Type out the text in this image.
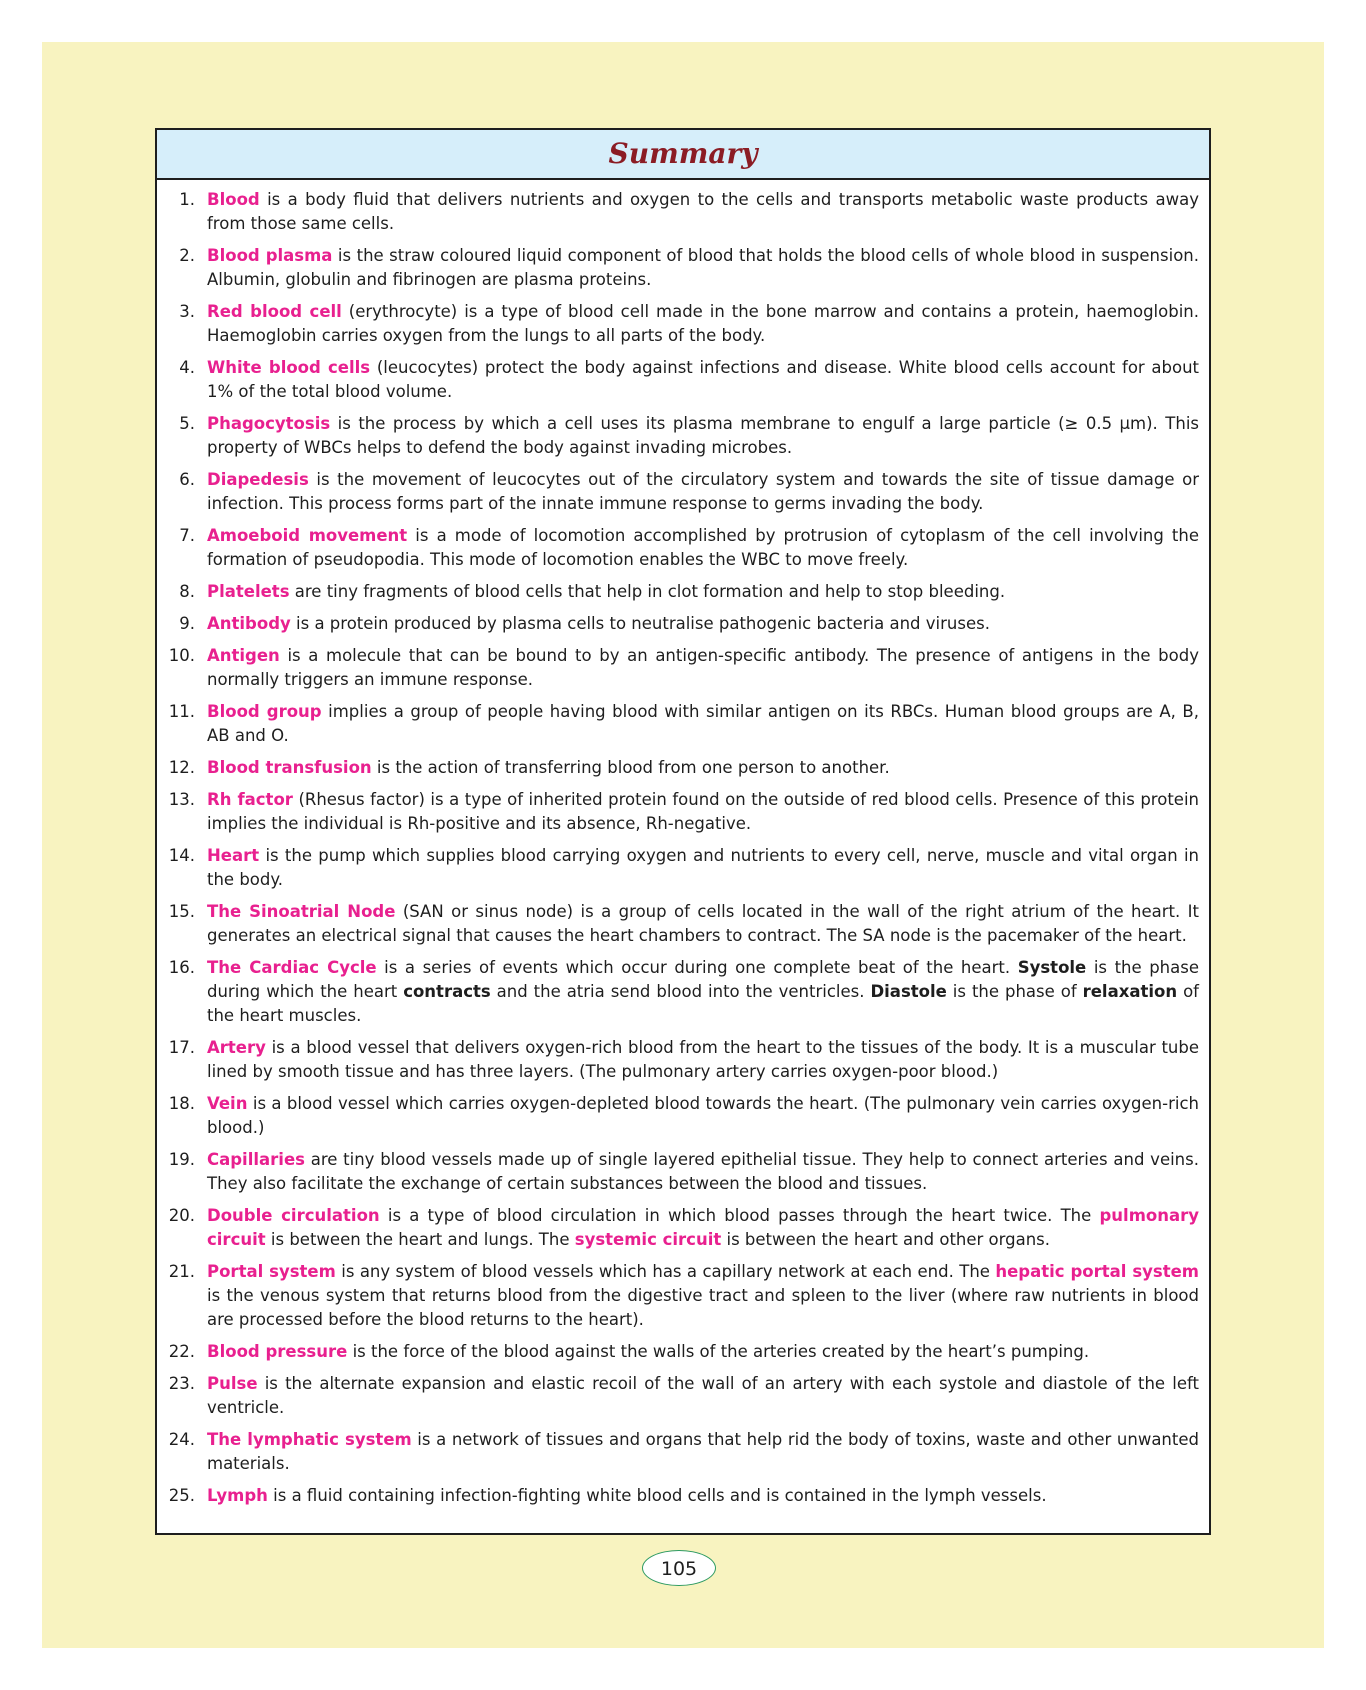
Summary
1. Blood is a body fluid that delivers nutrients and oxygen to the cells and transports metabolic waste products away from those same cells.
2. Blood plasma is the straw coloured liquid component of blood that holds the blood cells of whole blood in suspension. Albumin, globulin and fibrinogen are plasma proteins.
3. Red blood cell (erythrocyte) is a type of blood cell made in the bone marrow and contains a protein, haemoglobin. Haemoglobin carries oxygen from the lungs to all parts of the body.
4. White blood cells (leucocytes) protect the body against infections and disease. White blood cells account for about 1% of the total blood volume.
5. Phagocytosis is the process by which a cell uses its plasma membrane to engulf a large particle (≥ 0.5 μm). This property of WBCs helps to defend the body against invading microbes.
6. Diapedesis is the movement of leucocytes out of the circulatory system and towards the site of tissue damage or infection. This process forms part of the innate immune response to germs invading the body.
7. Amoeboid movement is a mode of locomotion accomplished by protrusion of cytoplasm of the cell involving the formation of pseudopodia. This mode of locomotion enables the WBC to move freely.
8. Platelets are tiny fragments of blood cells that help in clot formation and help to stop bleeding.
9. Antibody is a protein produced by plasma cells to neutralise pathogenic bacteria and viruses.
10. Antigen is a molecule that can be bound to by an antigen-specific antibody. The presence of antigens in the body normally triggers an immune response.
11. Blood group implies a group of people having blood with similar antigen on its RBCs. Human blood groups are A, B, AB and O.
12. Blood transfusion is the action of transferring blood from one person to another.
13. Rh factor (Rhesus factor) is a type of inherited protein found on the outside of red blood cells. Presence of this protein implies the individual is Rh-positive and its absence, Rh-negative.
14. Heart is the pump which supplies blood carrying oxygen and nutrients to every cell, nerve, muscle and vital organ in the body.
15. The Sinoatrial Node (SAN or sinus node) is a group of cells located in the wall of the right atrium of the heart. It generates an electrical signal that causes the heart chambers to contract. The SA node is the pacemaker of the heart.
16. The Cardiac Cycle is a series of events which occur during one complete beat of the heart. Systole is the phase during which the heart contracts and the atria send blood into the ventricles. Diastole is the phase of relaxation of the heart muscles.
17. Artery is a blood vessel that delivers oxygen-rich blood from the heart to the tissues of the body. It is a muscular tube lined by smooth tissue and has three layers. (The pulmonary artery carries oxygen-poor blood.)
18. Vein is a blood vessel which carries oxygen-depleted blood towards the heart. (The pulmonary vein carries oxygen-rich blood.)
19. Capillaries are tiny blood vessels made up of single layered epithelial tissue. They help to connect arteries and veins. They also facilitate the exchange of certain substances between the blood and tissues.
20. Double circulation is a type of blood circulation in which blood passes through the heart twice. The pulmonary circuit is between the heart and lungs. The systemic circuit is between the heart and other organs.
21. Portal system is any system of blood vessels which has a capillary network at each end. The hepatic portal system is the venous system that returns blood from the digestive tract and spleen to the liver (where raw nutrients in blood are processed before the blood returns to the heart).
22. Blood pressure is the force of the blood against the walls of the arteries created by the heart’s pumping.
23. Pulse is the alternate expansion and elastic recoil of the wall of an artery with each systole and diastole of the left ventricle.
24. The lymphatic system is a network of tissues and organs that help rid the body of toxins, waste and other unwanted materials.
25. Lymph is a fluid containing infection-fighting white blood cells and is contained in the lymph vessels.
105
